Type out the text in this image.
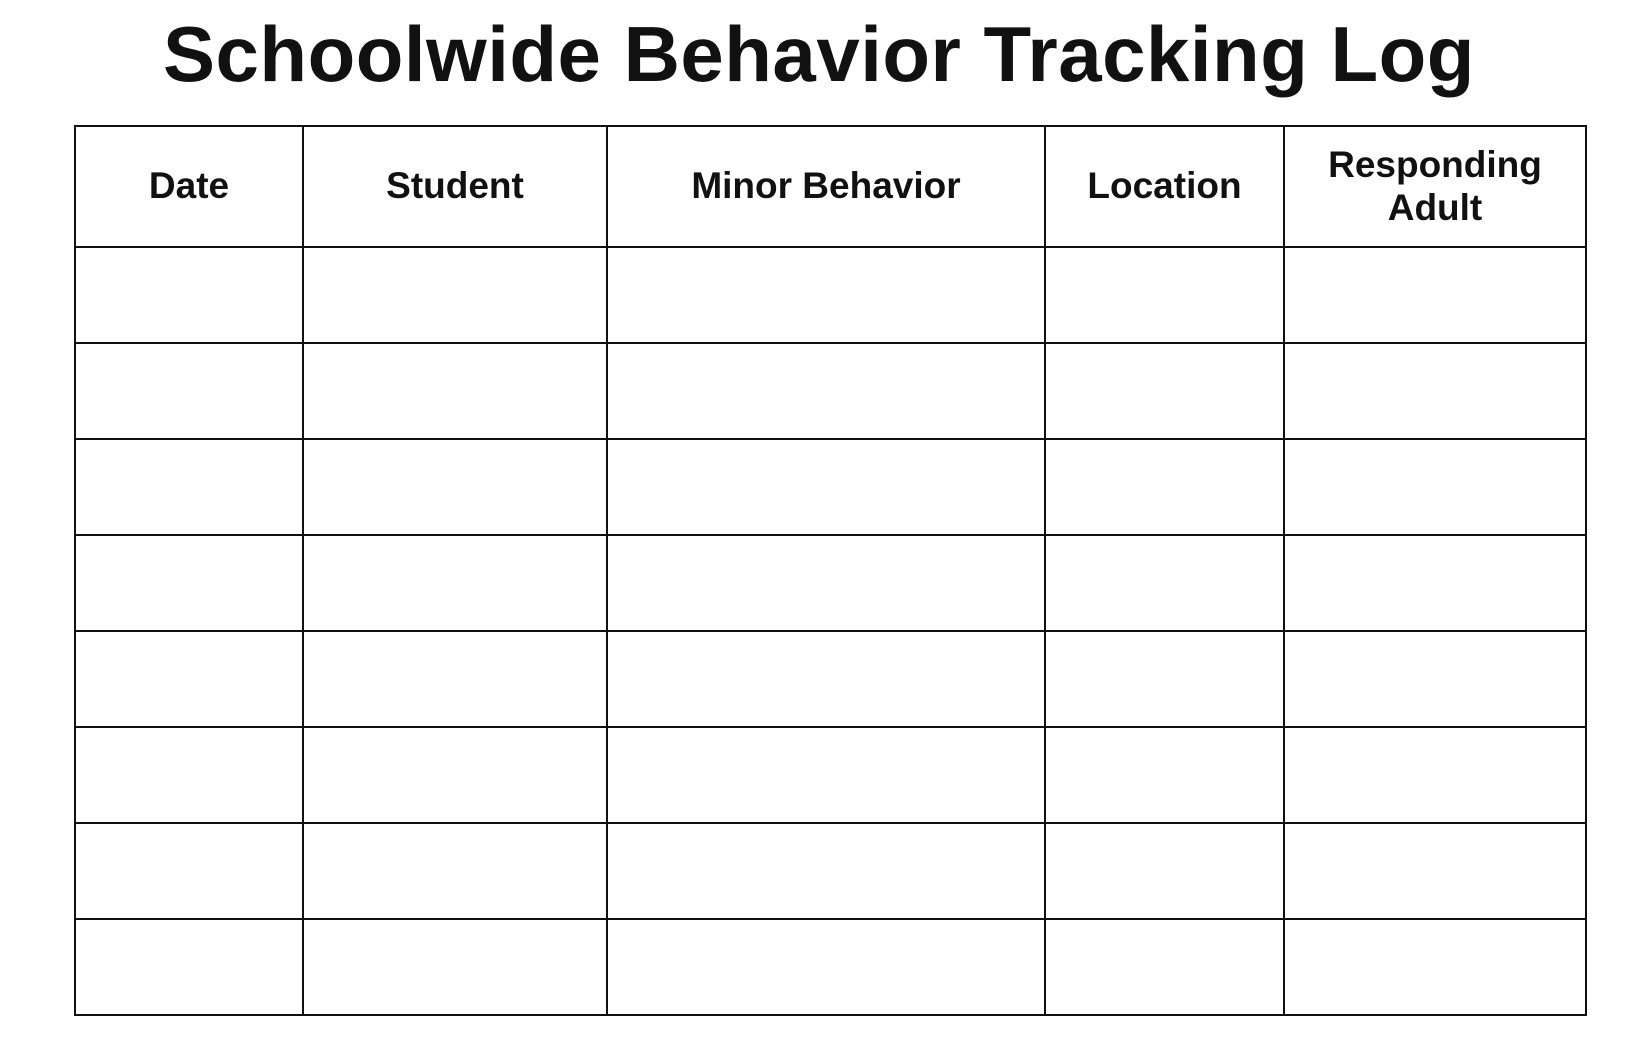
Schoolwide Behavior Tracking Log
Date	Student	Minor Behavior	Location	Responding Adult
